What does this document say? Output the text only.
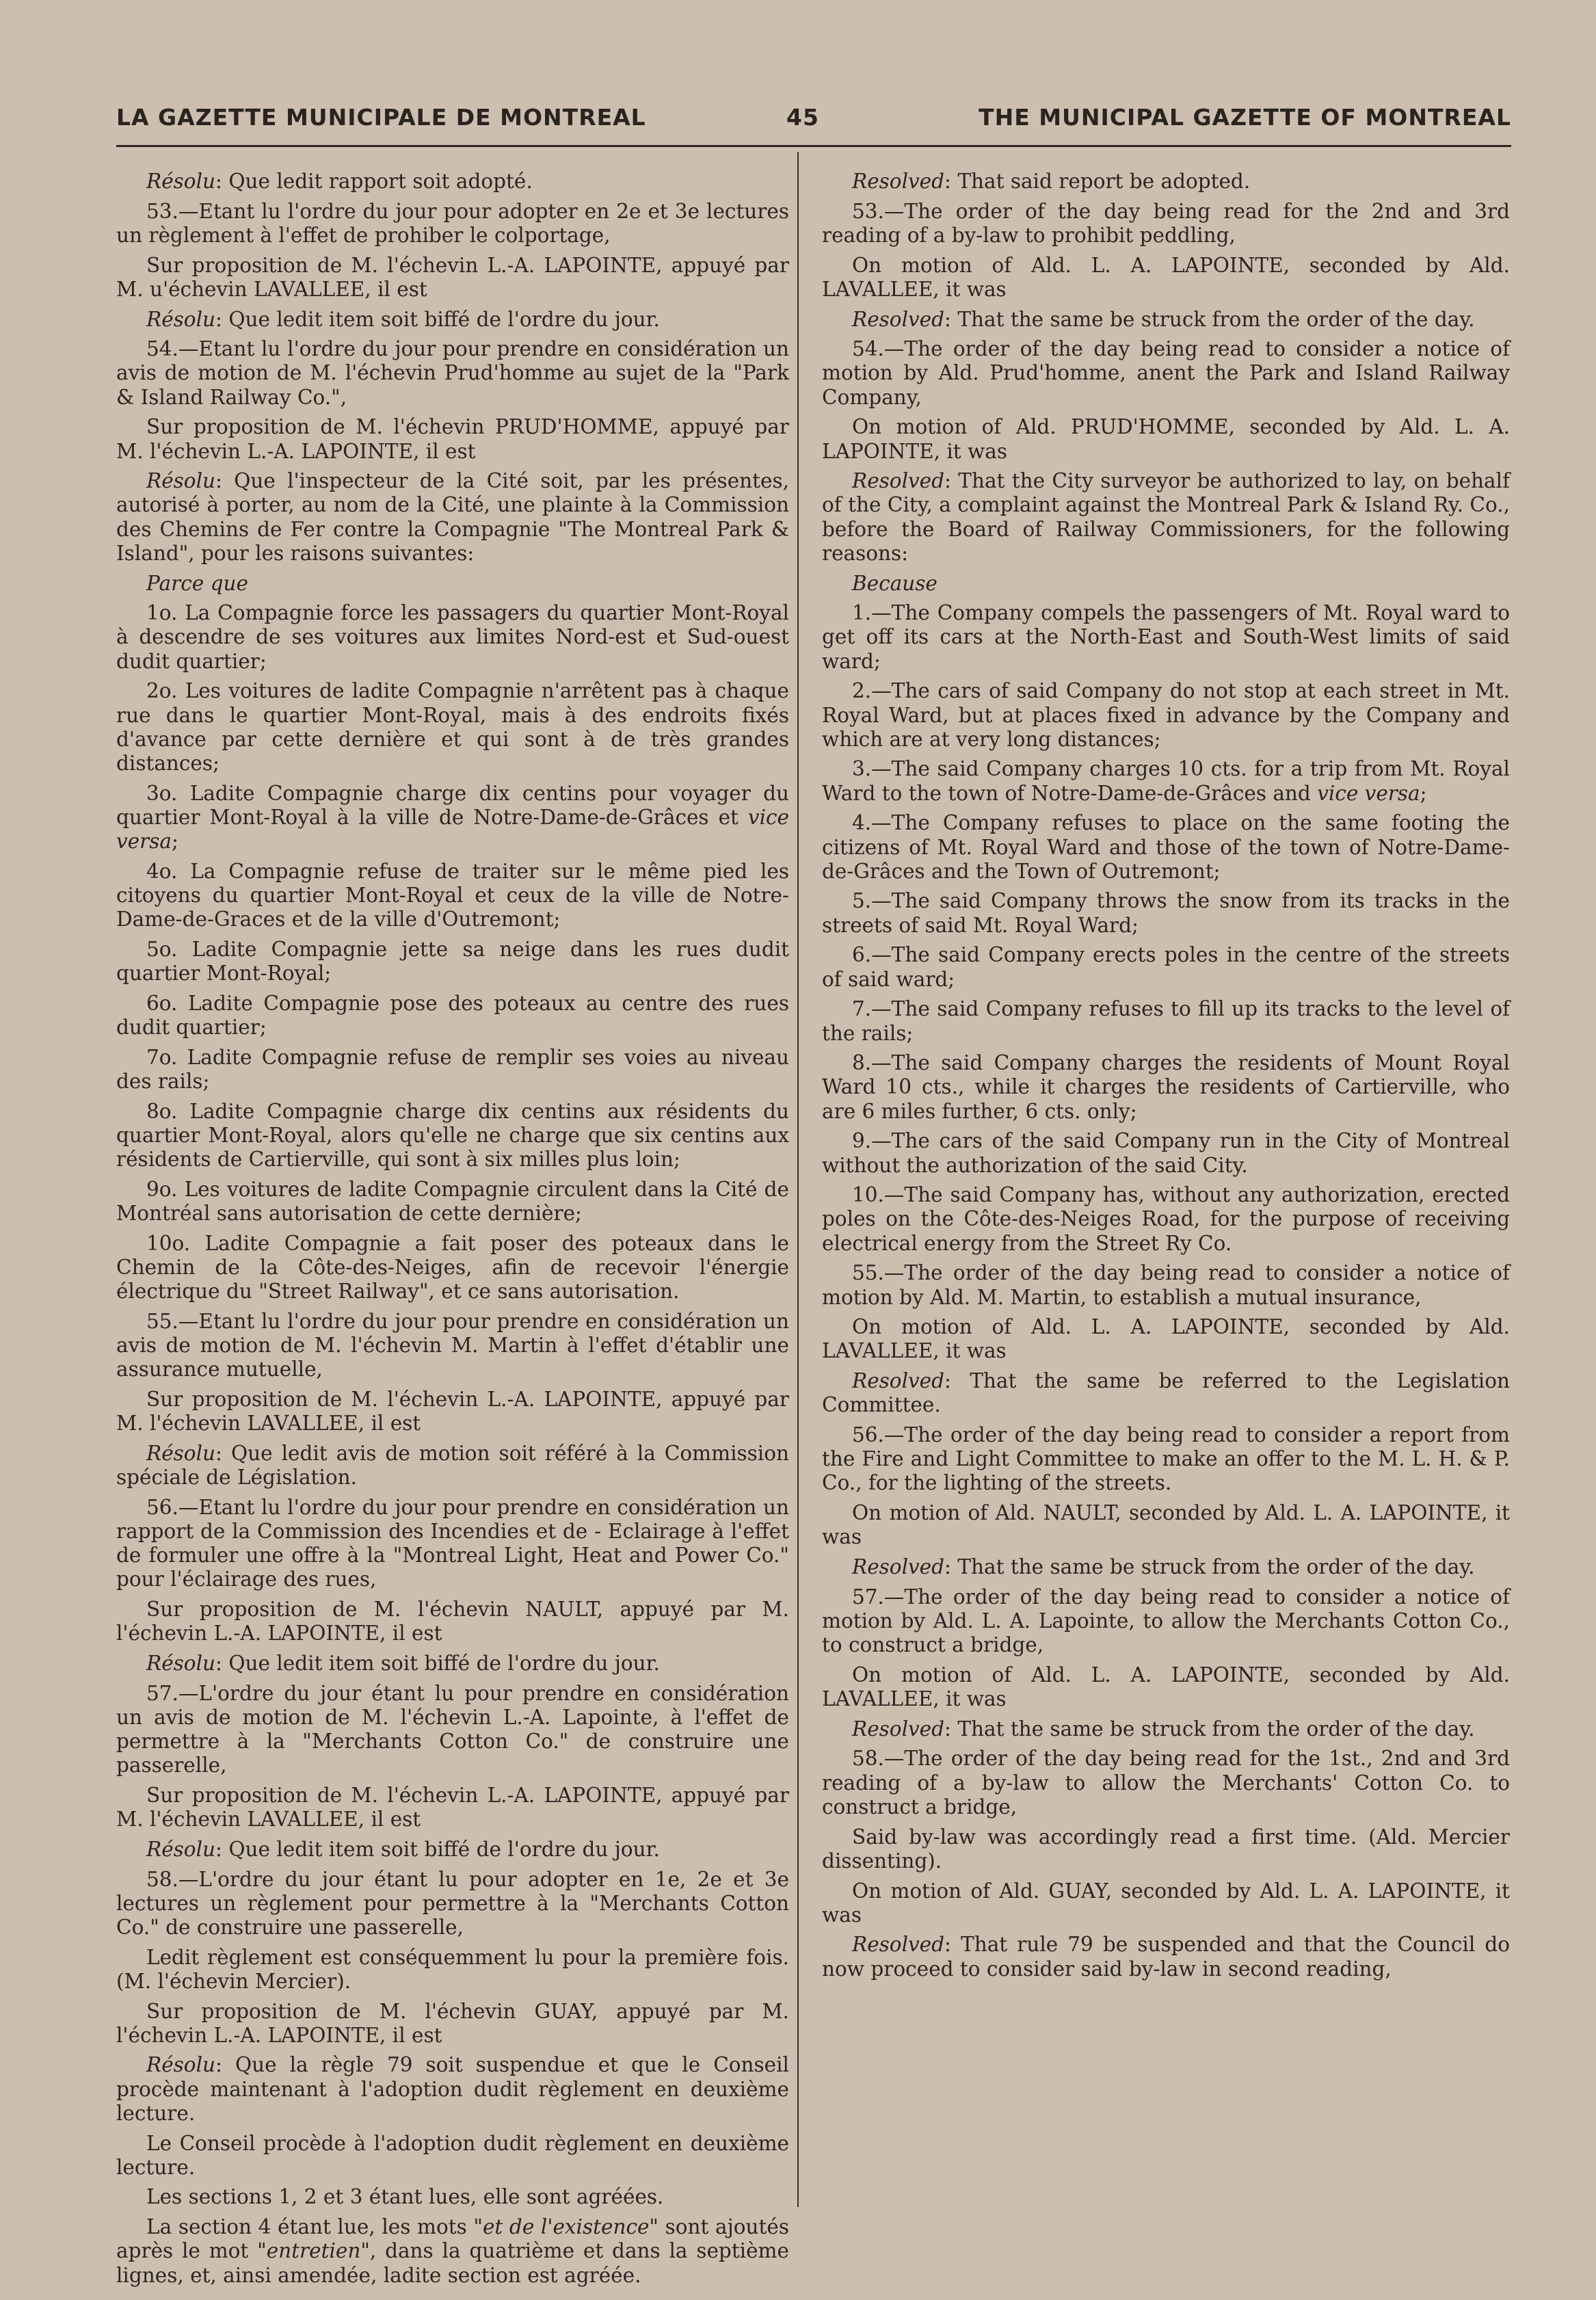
LA GAZETTE MUNICIPALE DE MONTREAL	45	THE MUNICIPAL GAZETTE OF MONTREAL

Résolu: Que ledit rapport soit adopté.

53.—Etant lu l'ordre du jour pour adopter en 2e et 3e lectures un règlement à l'effet de prohiber le colportage,

Sur proposition de M. l'échevin L.-A. LAPOINTE, appuyé par M. u'échevin LAVALLEE, il est

Résolu: Que ledit item soit biffé de l'ordre du jour.

54.—Etant lu l'ordre du jour pour prendre en considération un avis de motion de M. l'échevin Prud'homme au sujet de la "Park & Island Railway Co.",

Sur proposition de M. l'échevin PRUD'HOMME, appuyé par M. l'échevin L.-A. LAPOINTE, il est

Résolu: Que l'inspecteur de la Cité soit, par les présentes, autorisé à porter, au nom de la Cité, une plainte à la Commission des Chemins de Fer contre la Compagnie "The Montreal Park & Island", pour les raisons suivantes:

Parce que

1o. La Compagnie force les passagers du quartier Mont-Royal à descendre de ses voitures aux limites Nord-est et Sud-ouest dudit quartier;

2o. Les voitures de ladite Compagnie n'arrêtent pas à chaque rue dans le quartier Mont-Royal, mais à des endroits fixés d'avance par cette dernière et qui sont à de très grandes distances;

3o. Ladite Compagnie charge dix centins pour voyager du quartier Mont-Royal à la ville de Notre-Dame-de-Grâces et vice versa;

4o. La Compagnie refuse de traiter sur le même pied les citoyens du quartier Mont-Royal et ceux de la ville de Notre-Dame-de-Graces et de la ville d'Outremont;

5o. Ladite Compagnie jette sa neige dans les rues dudit quartier Mont-Royal;

6o. Ladite Compagnie pose des poteaux au centre des rues dudit quartier;

7o. Ladite Compagnie refuse de remplir ses voies au niveau des rails;

8o. Ladite Compagnie charge dix centins aux résidents du quartier Mont-Royal, alors qu'elle ne charge que six centins aux résidents de Cartierville, qui sont à six milles plus loin;

9o. Les voitures de ladite Compagnie circulent dans la Cité de Montréal sans autorisation de cette dernière;

10o. Ladite Compagnie a fait poser des poteaux dans le Chemin de la Côte-des-Neiges, afin de recevoir l'énergie électrique du "Street Railway", et ce sans autorisation.

55.—Etant lu l'ordre du jour pour prendre en considération un avis de motion de M. l'échevin M. Martin à l'effet d'établir une assurance mutuelle,

Sur proposition de M. l'échevin L.-A. LAPOINTE, appuyé par M. l'échevin LAVALLEE, il est

Résolu: Que ledit avis de motion soit référé à la Commission spéciale de Législation.

56.—Etant lu l'ordre du jour pour prendre en considération un rapport de la Commission des Incendies et de - Eclairage à l'effet de formuler une offre à la "Montreal Light, Heat and Power Co." pour l'éclairage des rues,

Sur proposition de M. l'échevin NAULT, appuyé par M. l'échevin L.-A. LAPOINTE, il est

Résolu: Que ledit item soit biffé de l'ordre du jour.

57.—L'ordre du jour étant lu pour prendre en considération un avis de motion de M. l'échevin L.-A. Lapointe, à l'effet de permettre à la "Merchants Cotton Co." de construire une passerelle,

Sur proposition de M. l'échevin L.-A. LAPOINTE, appuyé par M. l'échevin LAVALLEE, il est

Résolu: Que ledit item soit biffé de l'ordre du jour.

58.—L'ordre du jour étant lu pour adopter en 1e, 2e et 3e lectures un règlement pour permettre à la "Merchants Cotton Co." de construire une passerelle,

Ledit règlement est conséquemment lu pour la première fois. (M. l'échevin Mercier).

Sur proposition de M. l'échevin GUAY, appuyé par M. l'échevin L.-A. LAPOINTE, il est

Résolu: Que la règle 79 soit suspendue et que le Conseil procède maintenant à l'adoption dudit règlement en deuxième lecture.

Le Conseil procède à l'adoption dudit règlement en deuxième lecture.

Les sections 1, 2 et 3 étant lues, elle sont agréées.

La section 4 étant lue, les mots "et de l'existence" sont ajoutés après le mot "entretien", dans la quatrième et dans la septième lignes, et, ainsi amendée, ladite section est agréée.

Resolved: That said report be adopted.

53.—The order of the day being read for the 2nd and 3rd reading of a by-law to prohibit peddling,

On motion of Ald. L. A. LAPOINTE, seconded by Ald. LAVALLEE, it was

Resolved: That the same be struck from the order of the day.

54.—The order of the day being read to consider a notice of motion by Ald. Prud'homme, anent the Park and Island Railway Company,

On motion of Ald. PRUD'HOMME, seconded by Ald. L. A. LAPOINTE, it was

Resolved: That the City surveyor be authorized to lay, on behalf of the City, a complaint against the Montreal Park & Island Ry. Co., before the Board of Railway Commissioners, for the following reasons:

Because

1.—The Company compels the passengers of Mt. Royal ward to get off its cars at the North-East and South-West limits of said ward;

2.—The cars of said Company do not stop at each street in Mt. Royal Ward, but at places fixed in advance by the Company and which are at very long distances;

3.—The said Company charges 10 cts. for a trip from Mt. Royal Ward to the town of Notre-Dame-de-Grâces and vice versa;

4.—The Company refuses to place on the same footing the citizens of Mt. Royal Ward and those of the town of Notre-Dame-de-Grâces and the Town of Outremont;

5.—The said Company throws the snow from its tracks in the streets of said Mt. Royal Ward;

6.—The said Company erects poles in the centre of the streets of said ward;

7.—The said Company refuses to fill up its tracks to the level of the rails;

8.—The said Company charges the residents of Mount Royal Ward 10 cts., while it charges the residents of Cartierville, who are 6 miles further, 6 cts. only;

9.—The cars of the said Company run in the City of Montreal without the authorization of the said City.

10.—The said Company has, without any authorization, erected poles on the Côte-des-Neiges Road, for the purpose of receiving electrical energy from the Street Ry Co.

55.—The order of the day being read to consider a notice of motion by Ald. M. Martin, to establish a mutual insurance,

On motion of Ald. L. A. LAPOINTE, seconded by Ald. LAVALLEE, it was

Resolved: That the same be referred to the Legislation Committee.

56.—The order of the day being read to consider a report from the Fire and Light Committee to make an offer to the M. L. H. & P. Co., for the lighting of the streets.

On motion of Ald. NAULT, seconded by Ald. L. A. LAPOINTE, it was

Resolved: That the same be struck from the order of the day.

57.—The order of the day being read to consider a notice of motion by Ald. L. A. Lapointe, to allow the Merchants Cotton Co., to construct a bridge,

On motion of Ald. L. A. LAPOINTE, seconded by Ald. LAVALLEE, it was

Resolved: That the same be struck from the order of the day.

58.—The order of the day being read for the 1st., 2nd and 3rd reading of a by-law to allow the Merchants' Cotton Co. to construct a bridge,

Said by-law was accordingly read a first time. (Ald. Mercier dissenting).

On motion of Ald. GUAY, seconded by Ald. L. A. LAPOINTE, it was

Resolved: That rule 79 be suspended and that the Council do now proceed to consider said by-law in second reading,
